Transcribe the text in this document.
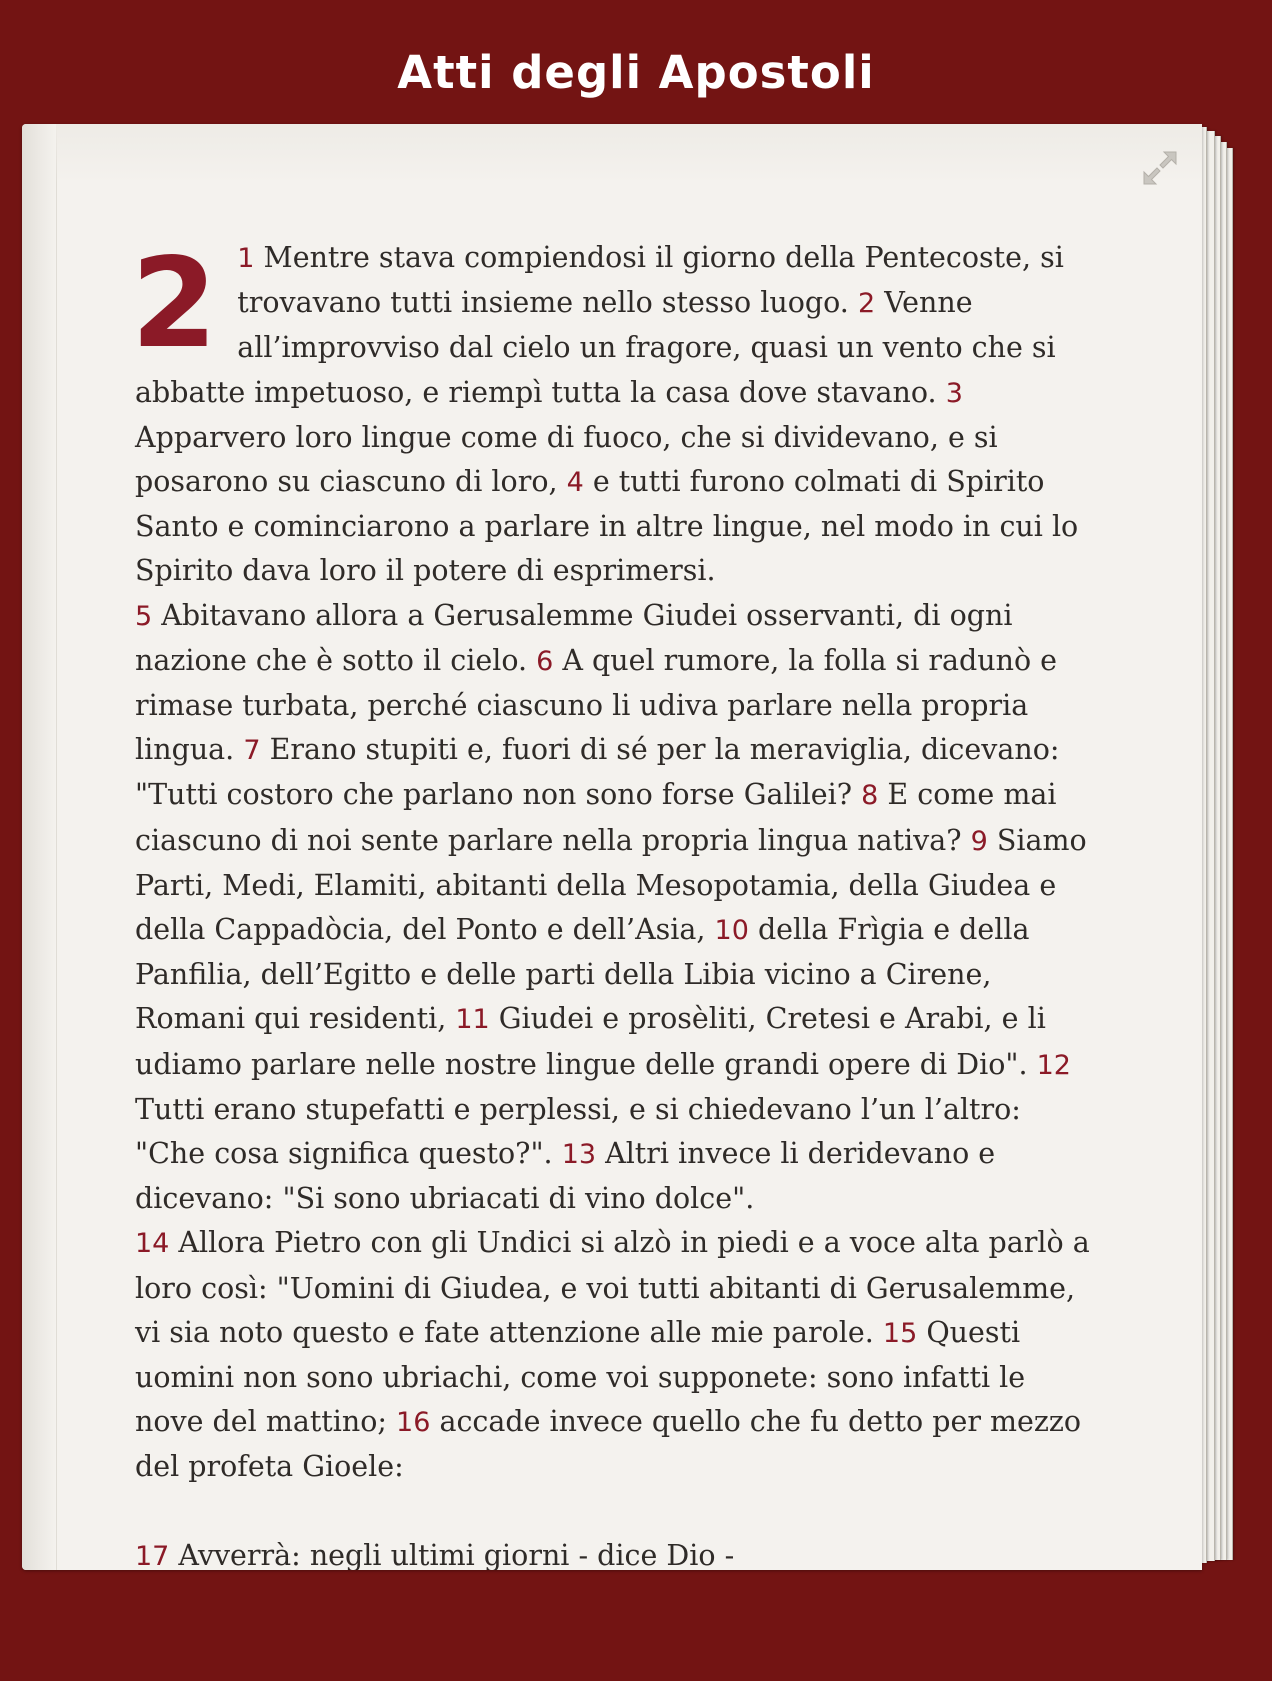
Atti degli Apostoli
2 1 Mentre stava compiendosi il giorno della Pentecoste, si trovavano tutti insieme nello stesso luogo. 2 Venne all’improvviso dal cielo un fragore, quasi un vento che si abbatte impetuoso, e riempì tutta la casa dove stavano. 3 Apparvero loro lingue come di fuoco, che si dividevano, e si posarono su ciascuno di loro, 4 e tutti furono colmati di Spirito Santo e cominciarono a parlare in altre lingue, nel modo in cui lo Spirito dava loro il potere di esprimersi.

5 Abitavano allora a Gerusalemme Giudei osservanti, di ogni nazione che è sotto il cielo. 6 A quel rumore, la folla si radunò e rimase turbata, perché ciascuno li udiva parlare nella propria lingua. 7 Erano stupiti e, fuori di sé per la meraviglia, dicevano: "Tutti costoro che parlano non sono forse Galilei? 8 E come mai ciascuno di noi sente parlare nella propria lingua nativa? 9 Siamo Parti, Medi, Elamiti, abitanti della Mesopotamia, della Giudea e della Cappadòcia, del Ponto e dell’Asia, 10 della Frìgia e della Panfilia, dell’Egitto e delle parti della Libia vicino a Cirene, Romani qui residenti, 11 Giudei e prosèliti, Cretesi e Arabi, e li udiamo parlare nelle nostre lingue delle grandi opere di Dio". 12 Tutti erano stupefatti e perplessi, e si chiedevano l’un l’altro: "Che cosa significa questo?". 13 Altri invece li deridevano e dicevano: "Si sono ubriacati di vino dolce".

14 Allora Pietro con gli Undici si alzò in piedi e a voce alta parlò a loro così: "Uomini di Giudea, e voi tutti abitanti di Gerusalemme, vi sia noto questo e fate attenzione alle mie parole. 15 Questi uomini non sono ubriachi, come voi supponete: sono infatti le nove del mattino; 16 accade invece quello che fu detto per mezzo del profeta Gioele:

17 Avverrà: negli ultimi giorni - dice Dio -
